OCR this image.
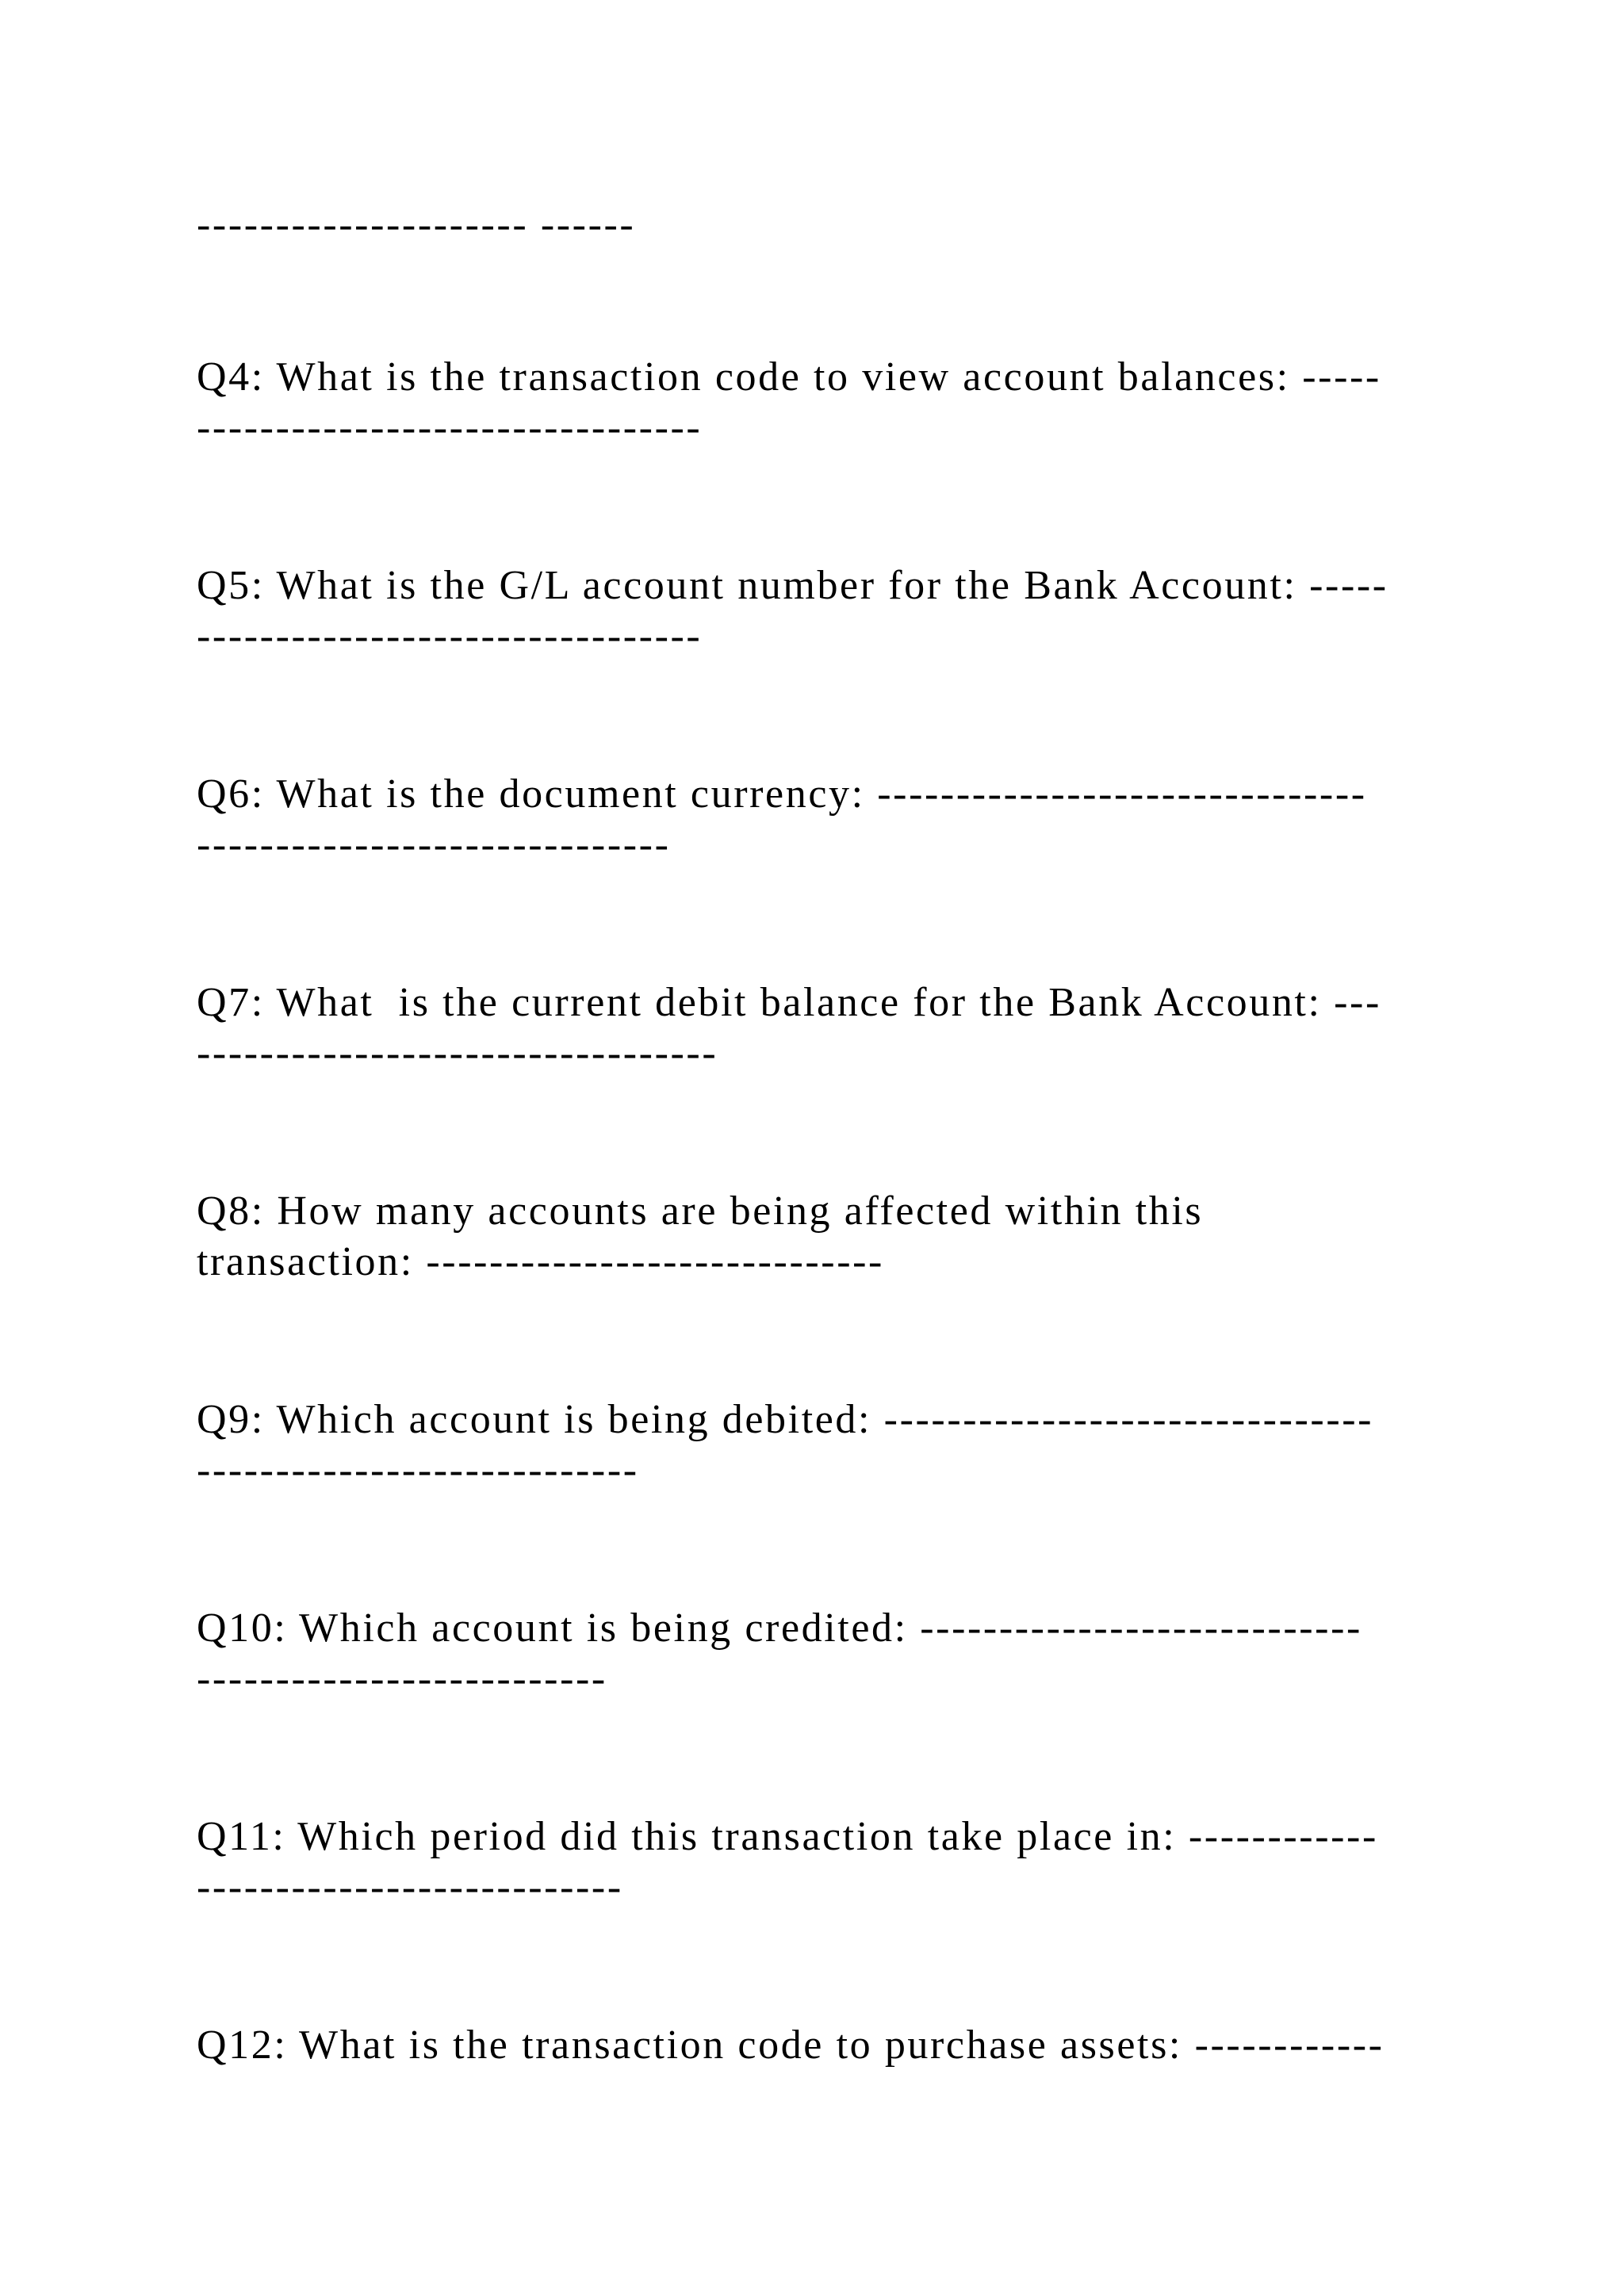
--------------------- ------
Q4: What is the transaction code to view account balances: -----
--------------------------------
Q5: What is the G/L account number for the Bank Account: -----
--------------------------------
Q6: What is the document currency: -------------------------------
------------------------------
Q7: What  is the current debit balance for the Bank Account: ---
---------------------------------
Q8: How many accounts are being affected within this
transaction: -----------------------------
Q9: Which account is being debited: -------------------------------
----------------------------
Q10: Which account is being credited: ----------------------------
--------------------------
Q11: Which period did this transaction take place in: ------------
---------------------------
Q12: What is the transaction code to purchase assets: ------------
